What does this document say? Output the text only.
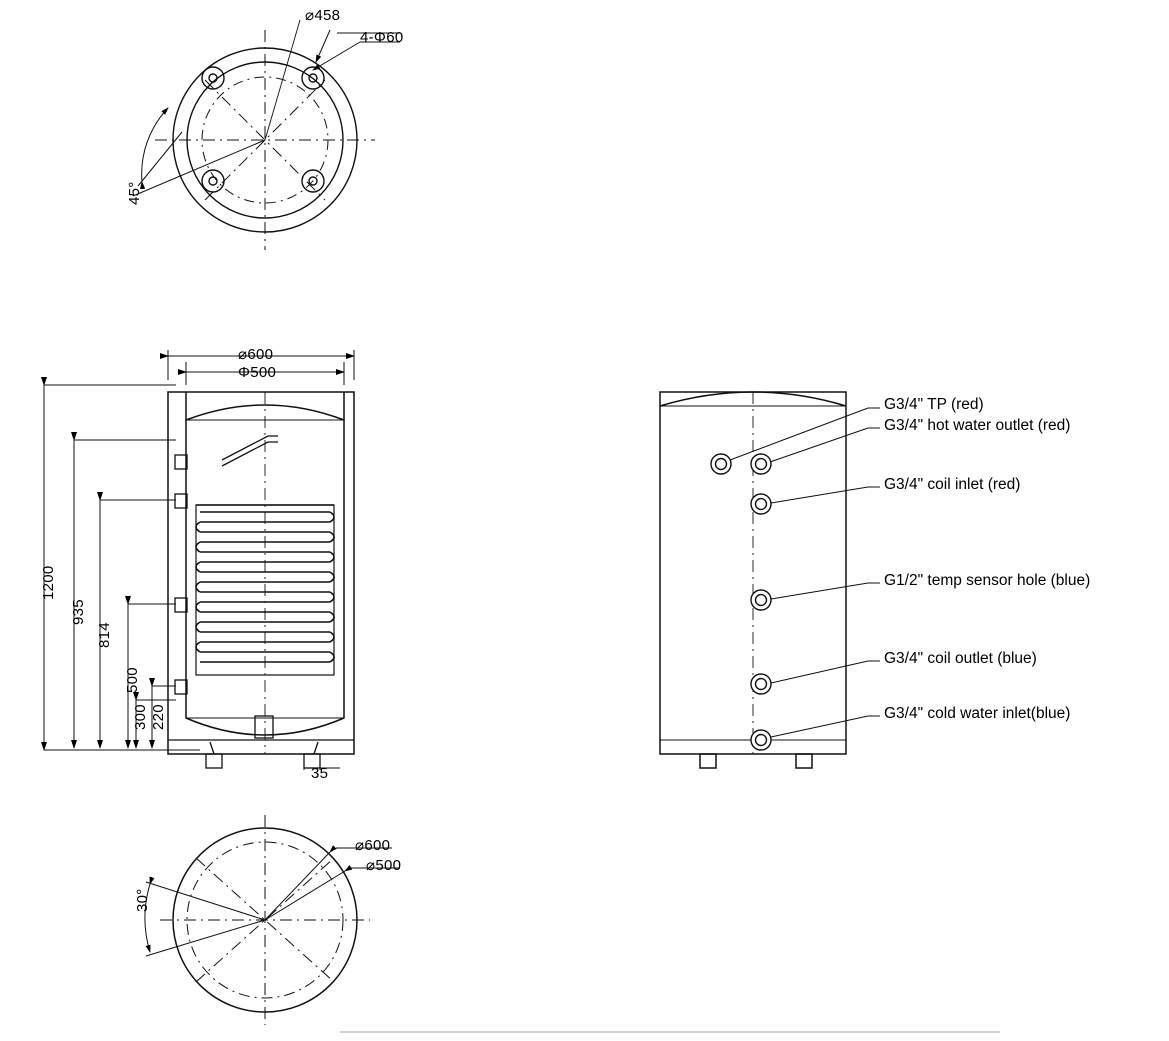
⌀458
4-Φ60
45°
⌀600
Φ500
1200
935
814
500
300 220
35
G3/4" TP (red)
G3/4" hot water outlet (red)
G3/4" coil inlet (red)
G1/2" temp sensor hole (blue)
G3/4" coil outlet (blue)
G3/4" cold water inlet(blue)
⌀600
⌀500
30°
